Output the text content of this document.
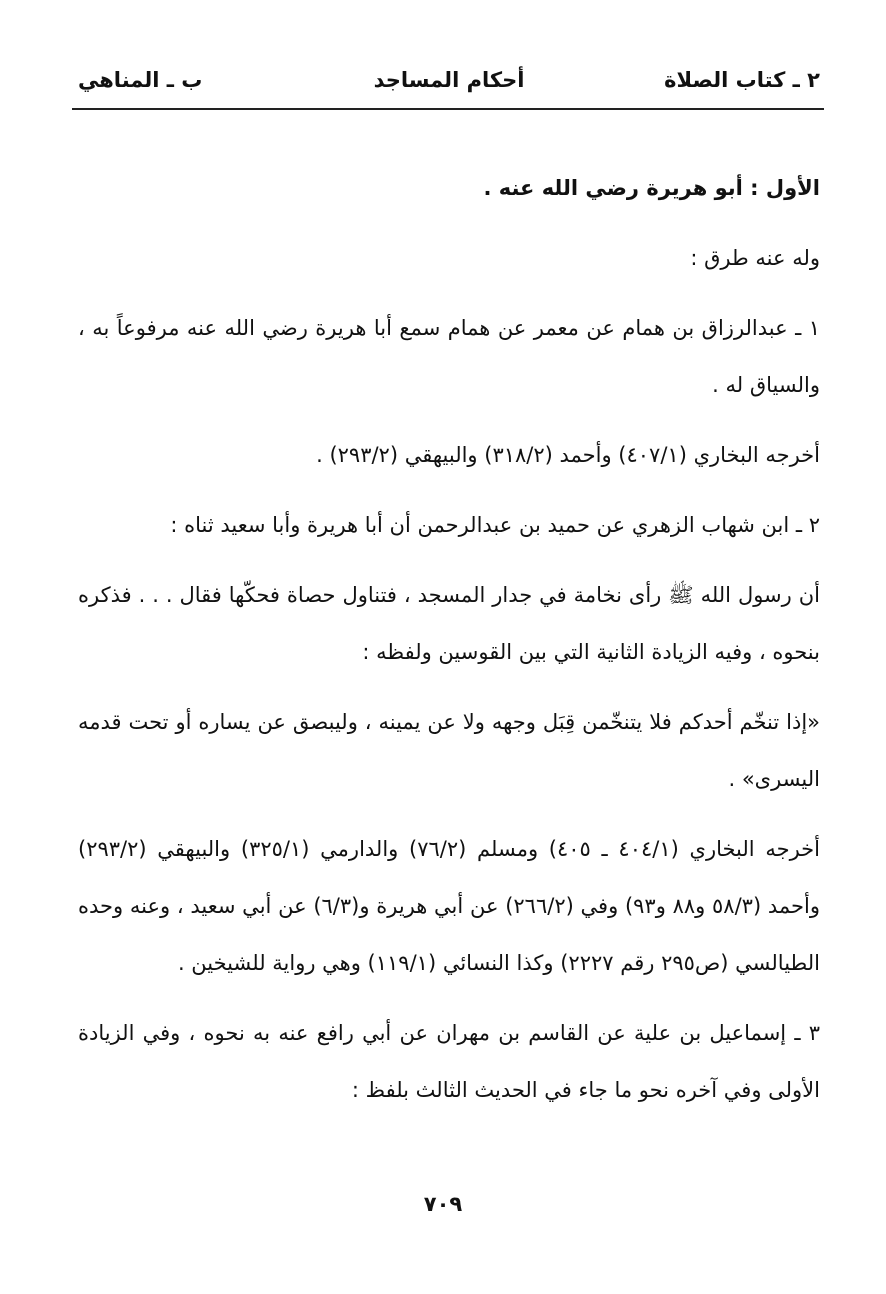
٢ ـ كتاب الصلاة
أحكام المساجد
ب ـ المناهي

الأول : أبو هريرة رضي الله عنه .

وله عنه طرق :

١ ـ عبدالرزاق بن همام عن معمر عن همام سمع أبا هريرة رضي الله عنه مرفوعاً به ، والسياق له .

أخرجه البخاري (٤٠٧/١) وأحمد (٣١٨/٢) والبيهقي (٢٩٣/٢) .

٢ ـ ابن شهاب الزهري عن حميد بن عبدالرحمن أن أبا هريرة وأبا سعيد ثناه :

أن رسول الله ﷺ رأى نخامة في جدار المسجد ، فتناول حصاة فحكّها فقال . . . فذكره بنحوه ، وفيه الزيادة الثانية التي بين القوسين ولفظه :

«إذا تنخّم أحدكم فلا يتنخّمن قِبَل وجهه ولا عن يمينه ، وليبصق عن يساره أو تحت قدمه اليسرى» .

أخرجه البخاري (٤٠٤/١ ـ ٤٠٥) ومسلم (٧٦/٢) والدارمي (٣٢٥/١) والبيهقي (٢٩٣/٢) وأحمد (٥٨/٣ و٨٨ و٩٣) وفي (٢٦٦/٢) عن أبي هريرة و(٦/٣) عن أبي سعيد ، وعنه وحده الطيالسي (ص٢٩٥ رقم ٢٢٢٧) وكذا النسائي (١١٩/١) وهي رواية للشيخين .

٣ ـ إسماعيل بن علية عن القاسم بن مهران عن أبي رافع عنه به نحوه ، وفي الزيادة الأولى وفي آخره نحو ما جاء في الحديث الثالث بلفظ :

٧٠٩
